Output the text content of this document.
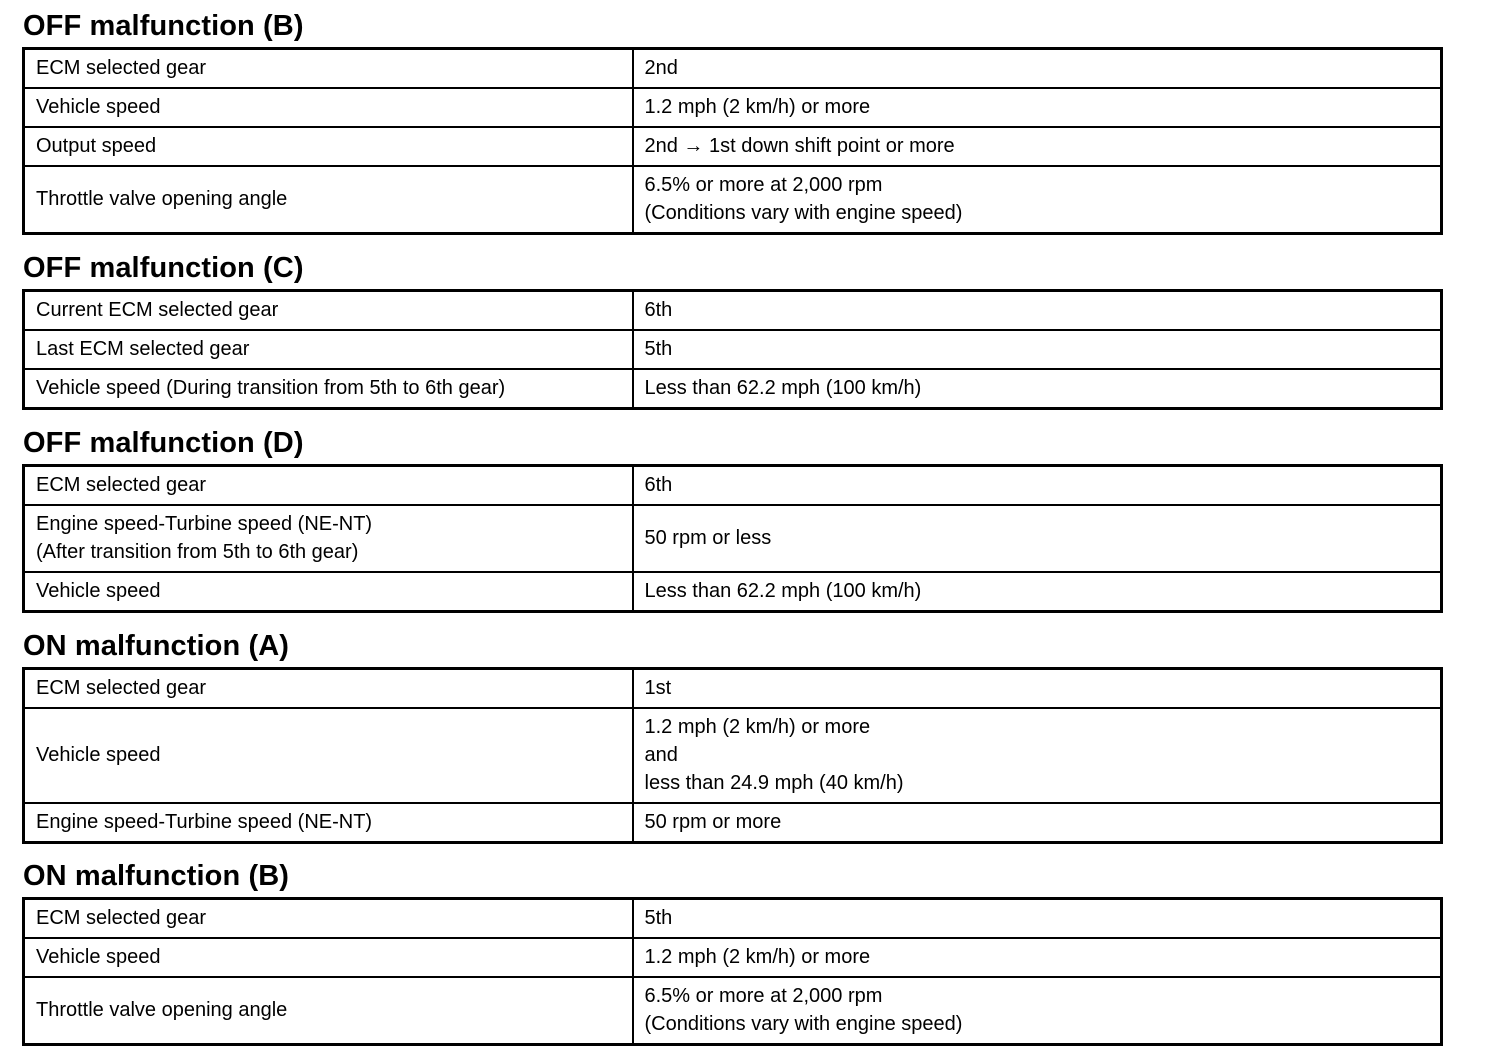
OFF malfunction (B)
ECM selected gear	2nd
Vehicle speed	1.2 mph (2 km/h) or more
Output speed	2nd → 1st down shift point or more
Throttle valve opening angle	6.5% or more at 2,000 rpm
(Conditions vary with engine speed)
OFF malfunction (C)
Current ECM selected gear	6th
Last ECM selected gear	5th
Vehicle speed (During transition from 5th to 6th gear)	Less than 62.2 mph (100 km/h)
OFF malfunction (D)
ECM selected gear	6th
Engine speed-Turbine speed (NE-NT)
(After transition from 5th to 6th gear)	50 rpm or less
Vehicle speed	Less than 62.2 mph (100 km/h)
ON malfunction (A)
ECM selected gear	1st
Vehicle speed	1.2 mph (2 km/h) or more
and
less than 24.9 mph (40 km/h)
Engine speed-Turbine speed (NE-NT)	50 rpm or more
ON malfunction (B)
ECM selected gear	5th
Vehicle speed	1.2 mph (2 km/h) or more
Throttle valve opening angle	6.5% or more at 2,000 rpm
(Conditions vary with engine speed)
